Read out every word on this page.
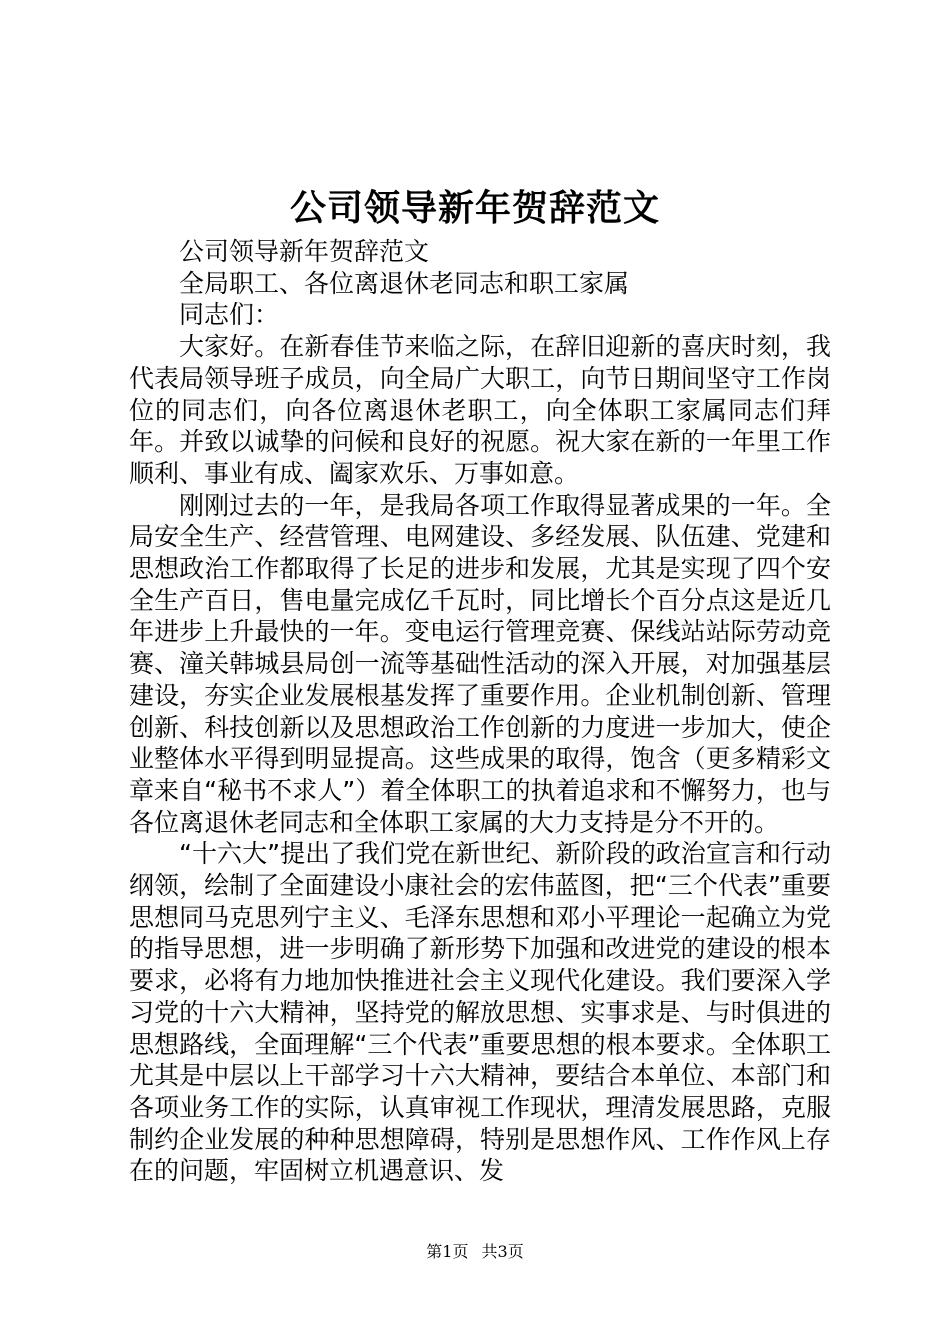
公司领导新年贺辞范文

公司领导新年贺辞范文

全局职工、各位离退休老同志和职工家属

同志们：

大家好。在新春佳节来临之际，在辞旧迎新的喜庆时刻，我代表局领导班子成员，向全局广大职工，向节日期间坚守工作岗位的同志们，向各位离退休老职工，向全体职工家属同志们拜年。并致以诚挚的问候和良好的祝愿。祝大家在新的一年里工作顺利、事业有成、阖家欢乐、万事如意。

刚刚过去的一年，是我局各项工作取得显著成果的一年。全局安全生产、经营管理、电网建设、多经发展、队伍建、党建和思想政治工作都取得了长足的进步和发展，尤其是实现了四个安全生产百日，售电量完成亿千瓦时，同比增长个百分点这是近几年进步上升最快的一年。变电运行管理竞赛、保线站站际劳动竞赛、潼关韩城县局创一流等基础性活动的深入开展，对加强基层建设，夯实企业发展根基发挥了重要作用。企业机制创新、管理创新、科技创新以及思想政治工作创新的力度进一步加大，使企业整体水平得到明显提高。这些成果的取得，饱含（更多精彩文章来自“秘书不求人”）着全体职工的执着追求和不懈努力，也与各位离退休老同志和全体职工家属的大力支持是分不开的。

“十六大”提出了我们党在新世纪、新阶段的政治宣言和行动纲领，绘制了全面建设小康社会的宏伟蓝图，把“三个代表”重要思想同马克思列宁主义、毛泽东思想和邓小平理论一起确立为党的指导思想，进一步明确了新形势下加强和改进党的建设的根本要求，必将有力地加快推进社会主义现代化建设。我们要深入学习党的十六大精神，坚持党的解放思想、实事求是、与时俱进的思想路线，全面理解“三个代表”重要思想的根本要求。全体职工尤其是中层以上干部学习十六大精神，要结合本单位、本部门和各项业务工作的实际，认真审视工作现状，理清发展思路，克服制约企业发展的种种思想障碍，特别是思想作风、工作作风上存在的问题，牢固树立机遇意识、发

第1页 共3页
